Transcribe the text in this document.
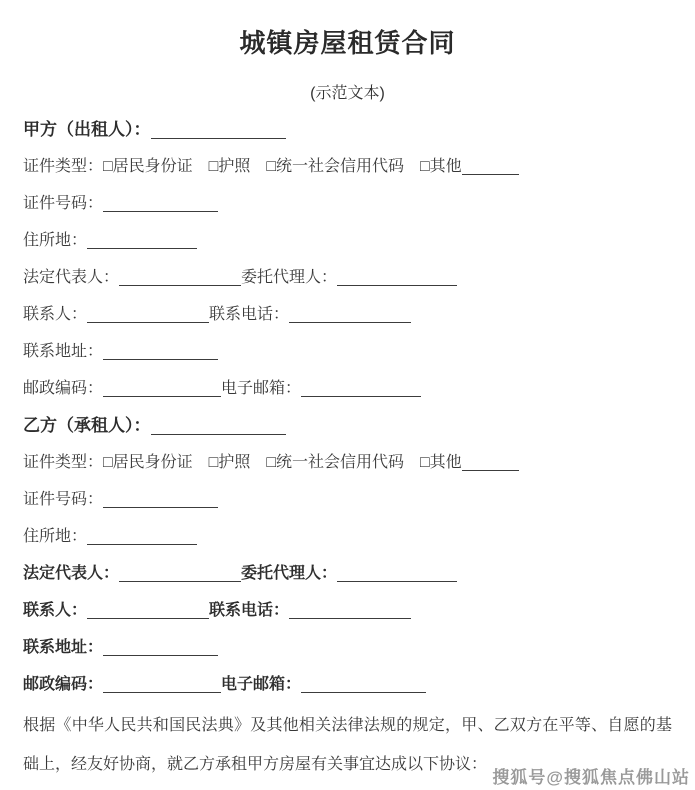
城镇房屋租赁合同
(示范文本)
甲方（出租人）：
证件类型：□居民身份证　□护照　□统一社会信用代码　□其他
证件号码：
住所地：
法定代表人：	委托代理人：
联系人：	联系电话：
联系地址：
邮政编码：	电子邮箱：
乙方（承租人）：
证件类型：□居民身份证　□护照　□统一社会信用代码　□其他
证件号码：
住所地：
法定代表人：	委托代理人：
联系人：	联系电话：
联系地址：
邮政编码：	电子邮箱：

根据《中华人民共和国民法典》及其他相关法律法规的规定，甲、乙双方在平等、自愿的基础上，经友好协商，就乙方承租甲方房屋有关事宜达成以下协议：

搜狐号@搜狐焦点佛山站
